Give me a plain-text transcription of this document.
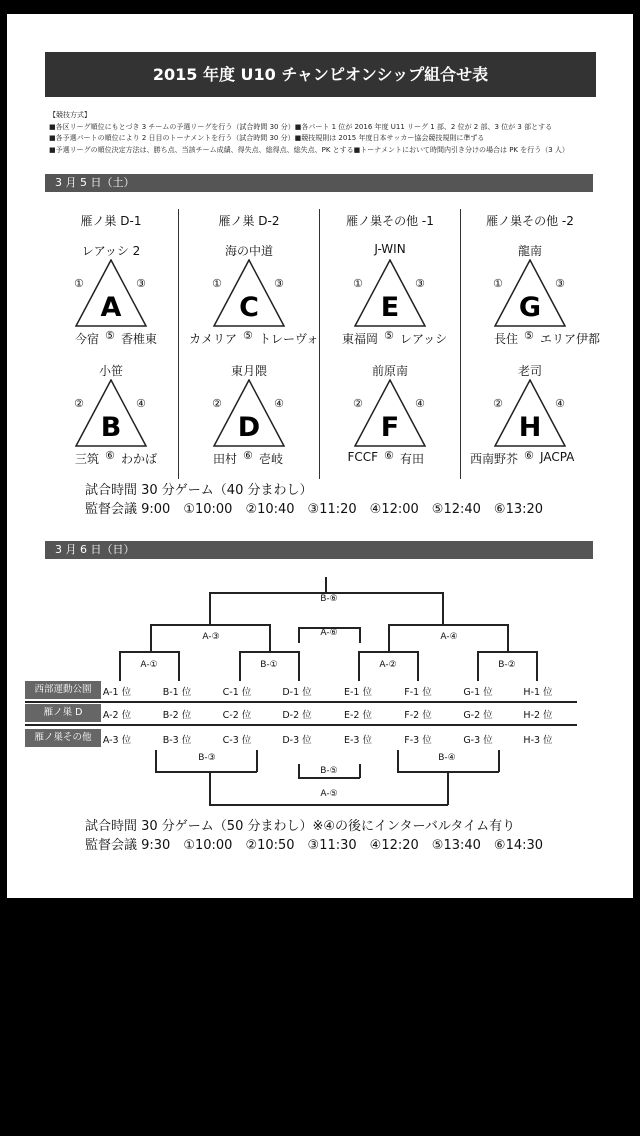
2015 年度 U10 チャンピオンシップ組合せ表
【競技方式】
■各区リーグ順位にもとづき 3 チームの予選リーグを行う（試合時間 30 分）■各パート 1 位が 2016 年度 U11 リーグ 1 部、2 位が 2 部、3 位が 3 部とする
■各予選パートの順位により 2 日目のトーナメントを行う（試合時間 30 分）■競技規則は 2015 年度日本サッカー協会競技規則に準ずる
■予選リーグの順位決定方法は、勝ち点、当該チーム成績、得失点、総得点、総失点、PK とする■トーナメントにおいて時間内引き分けの場合は PK を行う（3 人）
3 月 5 日（土）
雁ノ巣 D-1
レアッシ 2
A
①	③
⑤
今宿 香椎東
小笹
B
②	④
⑥
三筑 わかば
雁ノ巣 D-2
海の中道
C
①	③
⑤
カメリア トレーヴォ
東月隈
D
②	④
⑥
田村 壱岐
雁ノ巣その他 -1
J-WIN
E
①	③
⑤
東福岡 レアッシ
前原南
F
②	④
⑥
FCCF 有田
雁ノ巣その他 -2
龍南
G
①	③
⑤
長住 エリア伊都
老司
H
②	④
⑥
西南野芥 JACPA
試合時間 30 分ゲーム（40 分まわし）
監督会議 9:00　①10:00　②10:40　③11:20　④12:00　⑤12:40　⑥13:20
3 月 6 日（日）
B-⑥
A-③	A-④
A-⑥
A-①	B-①	A-②	B-②
B-③	B-④
B-⑤
A-⑤
西部運動公園	A-1 位	B-1 位	C-1 位	D-1 位	E-1 位	F-1 位	G-1 位	H-1 位
雁ノ巣 D	A-2 位	B-2 位	C-2 位	D-2 位	E-2 位	F-2 位	G-2 位	H-2 位
雁ノ巣その他	A-3 位	B-3 位	C-3 位	D-3 位	E-3 位	F-3 位	G-3 位	H-3 位
試合時間 30 分ゲーム（50 分まわし）※④の後にインターバルタイム有り
監督会議 9:30　①10:00　②10:50　③11:30　④12:20　⑤13:40　⑥14:30
